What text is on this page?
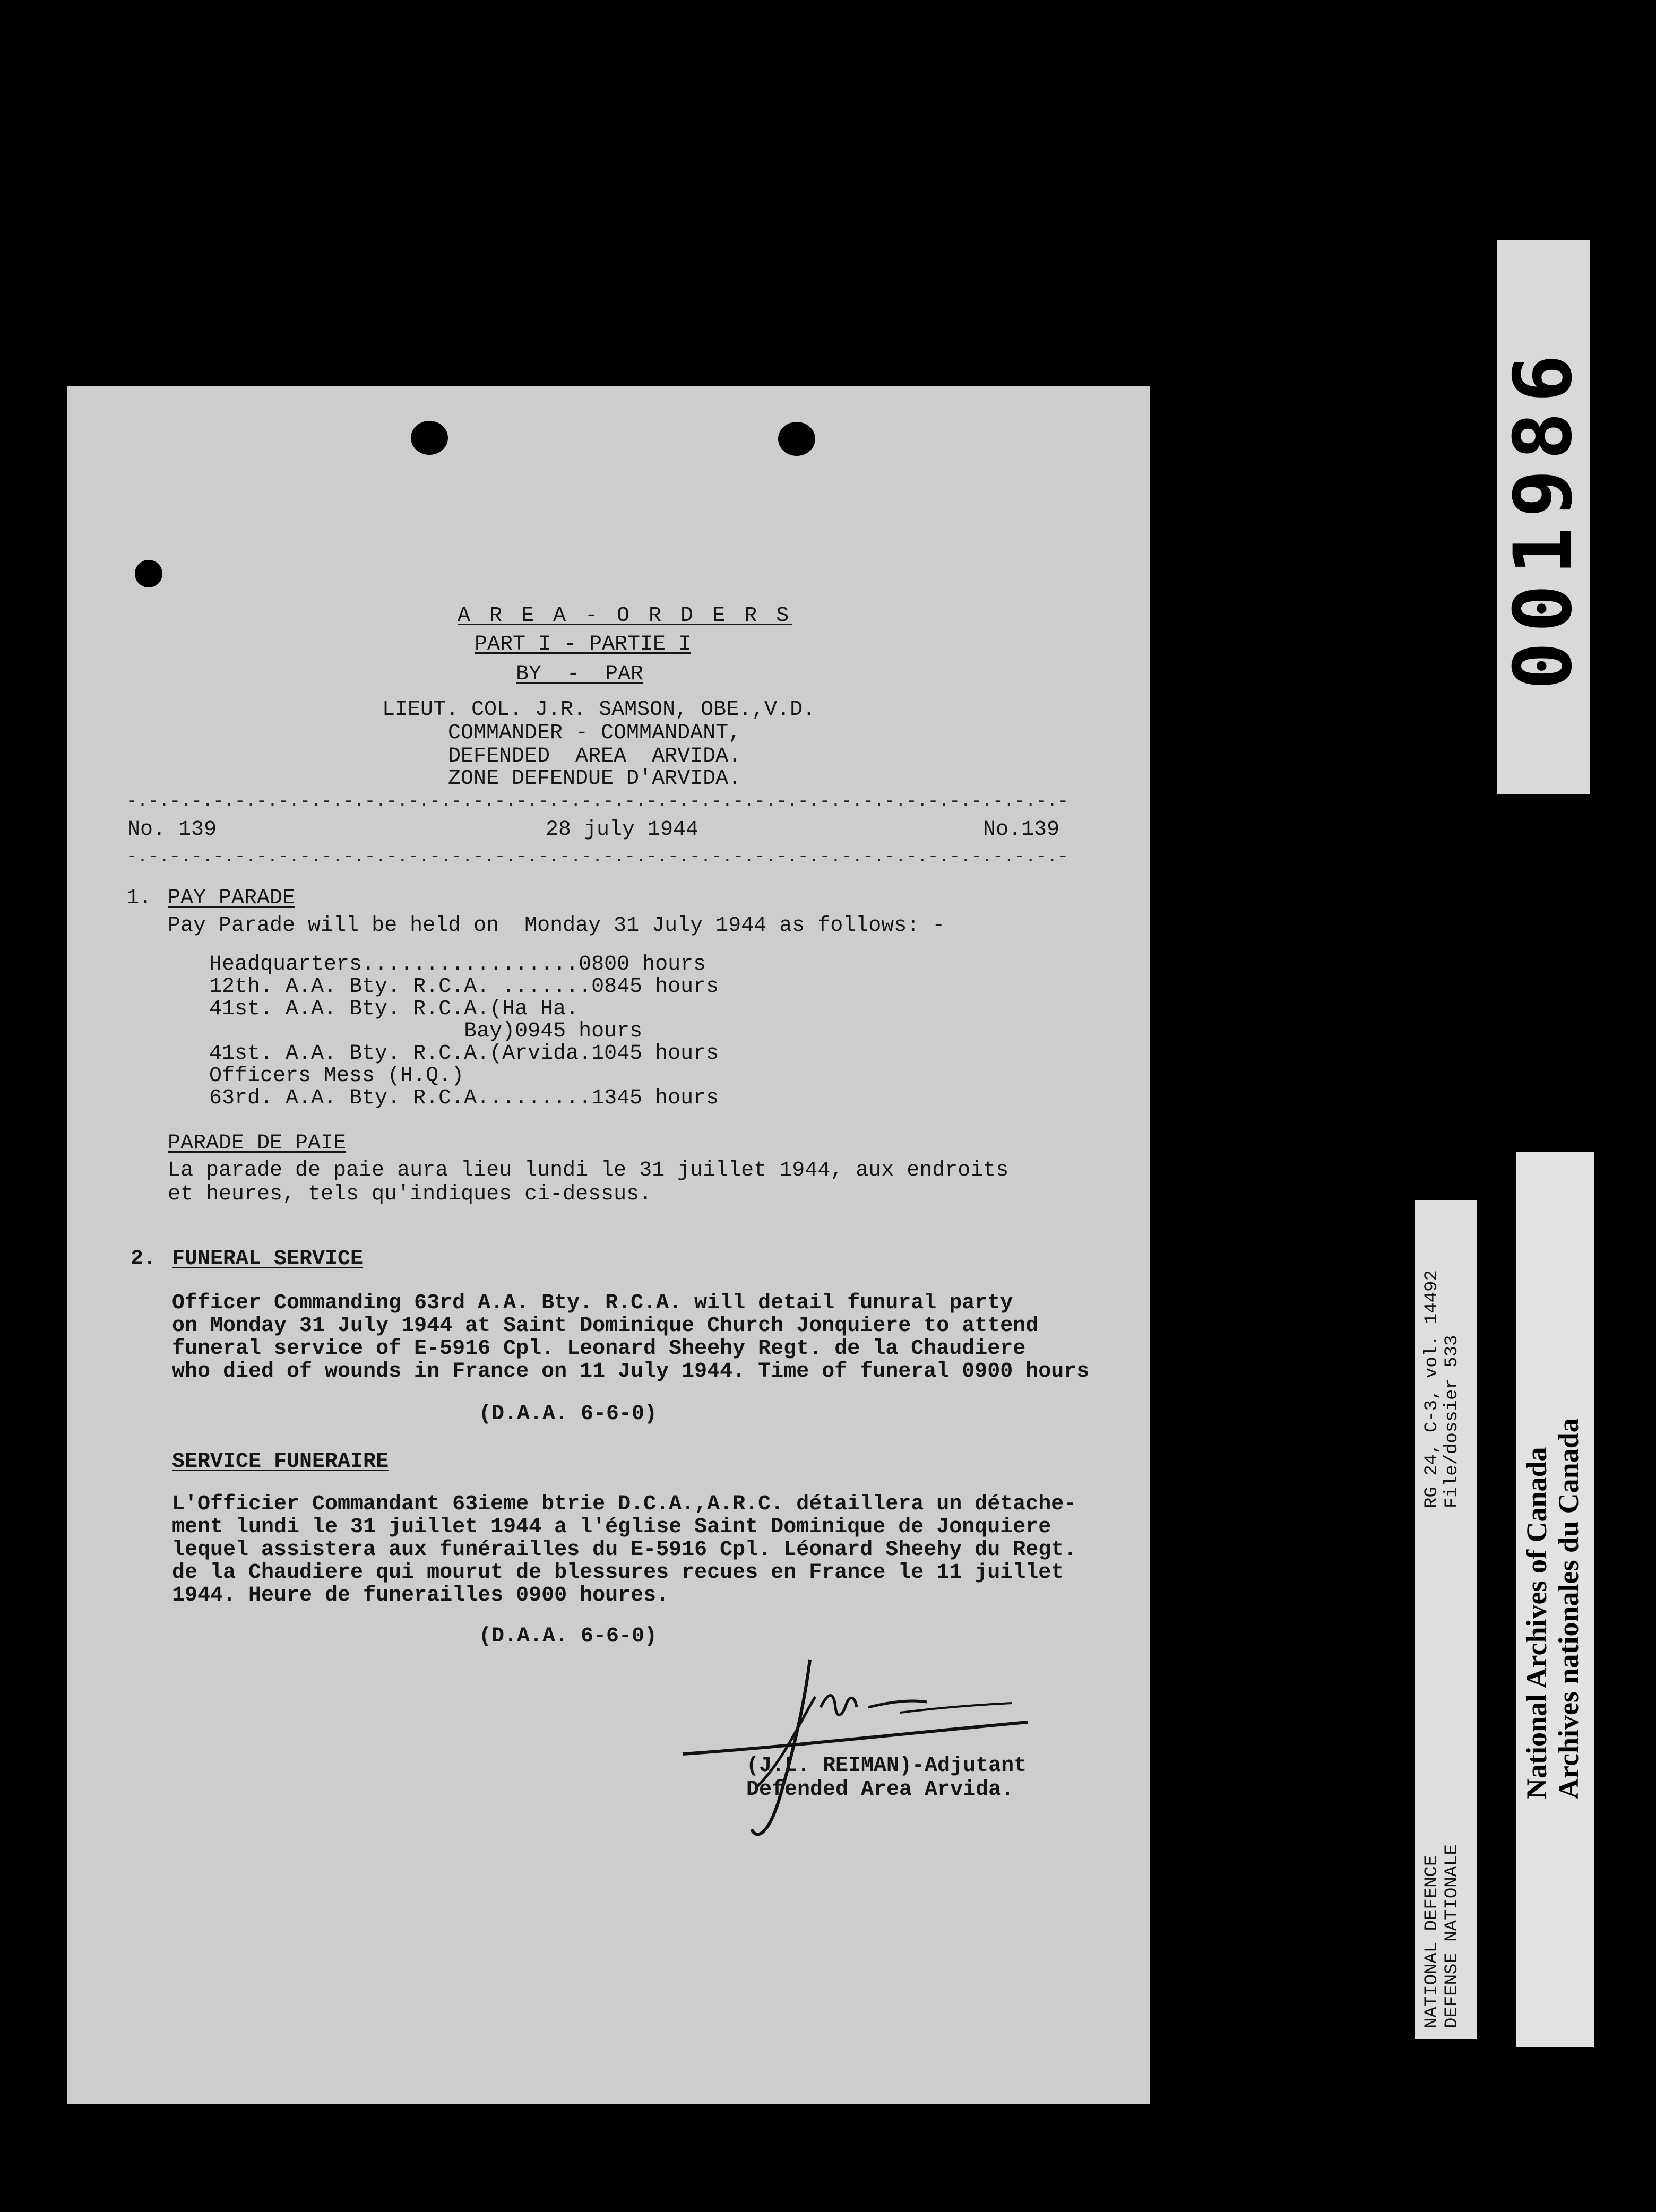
A R E A - O R D E R S
PART I - PARTIE I
BY  -  PAR
LIEUT. COL. J.R. SAMSON, OBE.,V.D.
COMMANDER - COMMANDANT,
DEFENDED  AREA  ARVIDA.
ZONE DEFENDUE D'ARVIDA.
-.-.-.-.-.-.-.-.-.-.-.-.-.-.-.-.-.-.-.-.-.-.-.-.-.-.-.-.-.-.-.-.-.-.-.-.-.-.-.-.-.-.-.-
No. 139	28 july 1944	No.139
-.-.-.-.-.-.-.-.-.-.-.-.-.-.-.-.-.-.-.-.-.-.-.-.-.-.-.-.-.-.-.-.-.-.-.-.-.-.-.-.-.-.-.-
1. PAY PARADE
Pay Parade will be held on  Monday 31 July 1944 as follows: -
Headquarters.................0800 hours
12th. A.A. Bty. R.C.A. .......0845 hours
41st. A.A. Bty. R.C.A.(Ha Ha.
Bay)0945 hours
41st. A.A. Bty. R.C.A.(Arvida.1045 hours
Officers Mess (H.Q.)
63rd. A.A. Bty. R.C.A.........1345 hours
PARADE DE PAIE
La parade de paie aura lieu lundi le 31 juillet 1944, aux endroits
et heures, tels qu'indiques ci-dessus.
2. FUNERAL SERVICE
Officer Commanding 63rd A.A. Bty. R.C.A. will detail funural party
on Monday 31 July 1944 at Saint Dominique Church Jonquiere to attend
funeral service of E-5916 Cpl. Leonard Sheehy Regt. de la Chaudiere
who died of wounds in France on 11 July 1944. Time of funeral 0900 hours
(D.A.A. 6-6-0)
SERVICE FUNERAIRE
L'Officier Commandant 63ieme btrie D.C.A.,A.R.C. détaillera un détache-
ment lundi le 31 juillet 1944 a l'église Saint Dominique de Jonquiere
lequel assistera aux funérailles du E-5916 Cpl. Léonard Sheehy du Regt.
de la Chaudiere qui mourut de blessures recues en France le 11 juillet
1944. Heure de funerailles 0900 houres.
(D.A.A. 6-6-0)
(J.L. REIMAN)-Adjutant
Defended Area Arvida.
001986
RG 24, C-3, vol. 14492 File/dossier 533
NATIONAL DEFENCE DEFENSE NATIONALE
National Archives of Canada Archives nationales du Canada
